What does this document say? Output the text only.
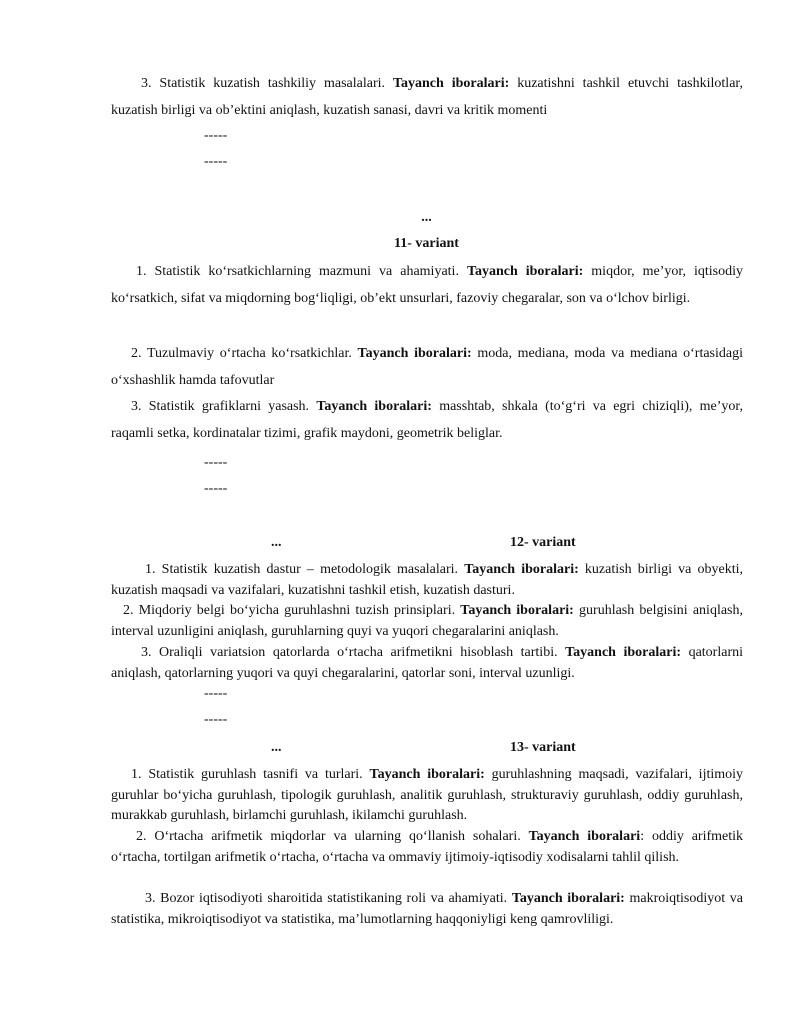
3. Statistik kuzatish tashkiliy masalalari. Tayanch iboralari: kuzatishni tashkil etuvchi tashkilotlar, kuzatish birligi va ob’ektini aniqlash, kuzatish sanasi, davri va kritik momenti

-----

-----

...

11- variant

1. Statistik ko‘rsatkichlarning mazmuni va ahamiyati. Tayanch iboralari: miqdor, me’yor, iqtisodiy ko‘rsatkich, sifat va miqdorning bog‘liqligi, ob’ekt unsurlari, fazoviy chegaralar, son va o‘lchov birligi.

2. Tuzulmaviy o‘rtacha ko‘rsatkichlar. Tayanch iboralari: moda, mediana, moda va mediana o‘rtasidagi o‘xshashlik hamda tafovutlar

3. Statistik grafiklarni yasash. Tayanch iboralari: masshtab, shkala (to‘g‘ri va egri chiziqli), me’yor, raqamli setka, kordinatalar tizimi, grafik maydoni, geometrik beliglar.

-----

-----

...	12- variant

1. Statistik kuzatish dastur – metodologik masalalari. Tayanch iboralari: kuzatish birligi va obyekti, kuzatish maqsadi va vazifalari, kuzatishni tashkil etish, kuzatish dasturi.

2. Miqdoriy belgi bo‘yicha guruhlashni tuzish prinsiplari. Tayanch iboralari: guruhlash belgisini aniqlash, interval uzunligini aniqlash, guruhlarning quyi va yuqori chegaralarini aniqlash.

3. Oraliqli variatsion qatorlarda o‘rtacha arifmetikni hisoblash tartibi. Tayanch iboralari: qatorlarni aniqlash, qatorlarning yuqori va quyi chegaralarini, qatorlar soni, interval uzunligi.

-----

-----

...	13- variant

1. Statistik guruhlash tasnifi va turlari. Tayanch iboralari: guruhlashning maqsadi, vazifalari, ijtimoiy guruhlar bo‘yicha guruhlash, tipologik guruhlash, analitik guruhlash, strukturaviy guruhlash, oddiy guruhlash, murakkab guruhlash, birlamchi guruhlash, ikilamchi guruhlash.

2. O‘rtacha arifmetik miqdorlar va ularning qo‘llanish sohalari. Tayanch iboralari: oddiy arifmetik o‘rtacha, tortilgan arifmetik o‘rtacha, o‘rtacha va ommaviy ijtimoiy-iqtisodiy xodisalarni tahlil qilish.

3. Bozor iqtisodiyoti sharoitida statistikaning roli va ahamiyati. Tayanch iboralari: makroiqtisodiyot va statistika, mikroiqtisodiyot va statistika, ma’lumotlarning haqqoniyligi keng qamrovliligi.
